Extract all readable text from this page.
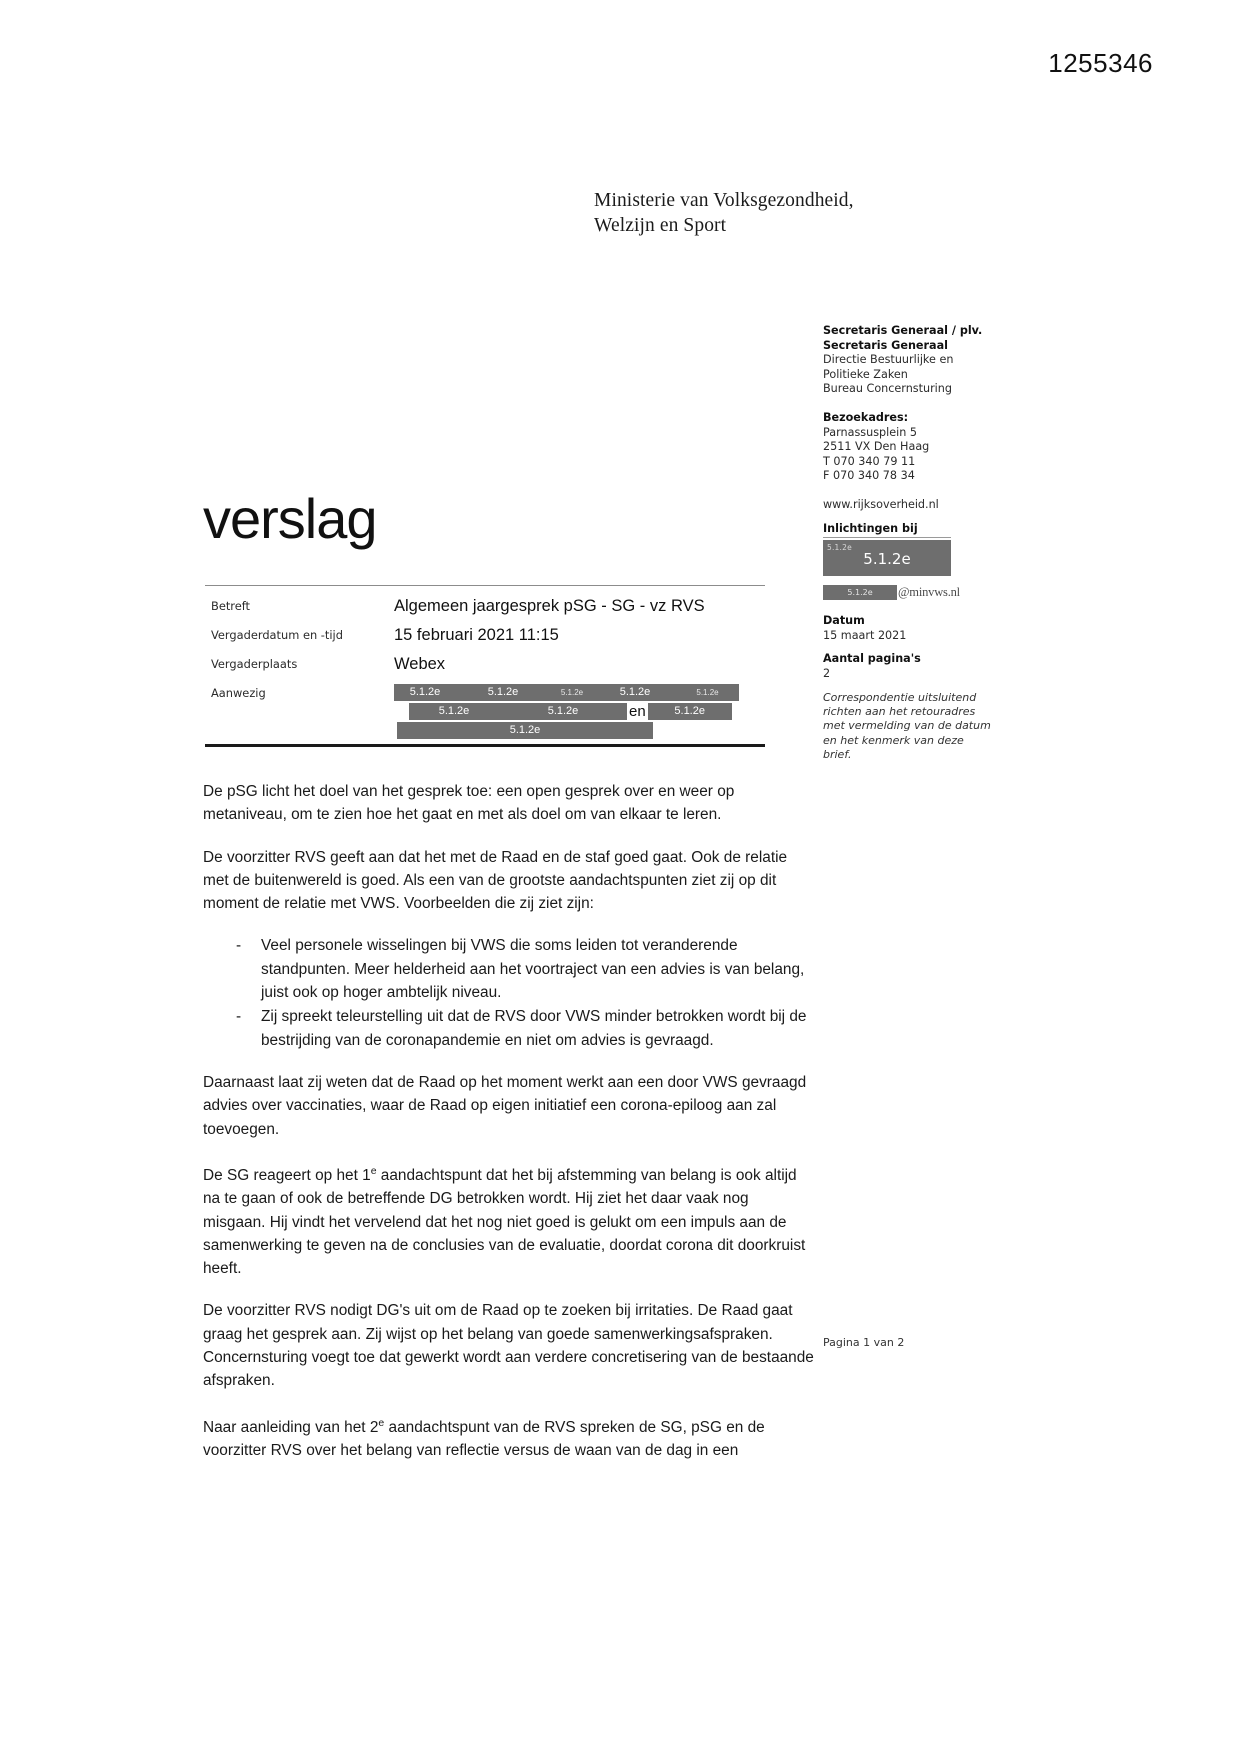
1255346
Ministerie van Volksgezondheid,
Welzijn en Sport
Secretaris Generaal / plv.
Secretaris Generaal
Directie Bestuurlijke en
Politieke Zaken
Bureau Concernsturing
Bezoekadres:
Parnassusplein 5
2511 VX Den Haag
T 070 340 79 11
F 070 340 78 34
www.rijksoverheid.nl
Inlichtingen bij
5.1.2e
5.1.2e
5.1.2e	@minvws.nl
Datum
15 maart 2021
Aantal pagina's
2
Correspondentie uitsluitend
richten aan het retouradres
met vermelding van de datum
en het kenmerk van deze
brief.
verslag
Betreft	Algemeen jaargesprek pSG - SG - vz RVS
Vergaderdatum en -tijd	15 februari 2021 11:15
Vergaderplaats	Webex
Aanwezig	5.1.2e	5.1.2e	5.1.2e	5.1.2e	5.1.2e
5.1.2e	5.1.2e	en	5.1.2e
5.1.2e

De pSG licht het doel van het gesprek toe: een open gesprek over en weer op metaniveau, om te zien hoe het gaat en met als doel om van elkaar te leren.

De voorzitter RVS geeft aan dat het met de Raad en de staf goed gaat. Ook de relatie met de buitenwereld is goed. Als een van de grootste aandachtspunten ziet zij op dit moment de relatie met VWS. Voorbeelden die zij ziet zijn:

- Veel personele wisselingen bij VWS die soms leiden tot veranderende standpunten. Meer helderheid aan het voortraject van een advies is van belang, juist ook op hoger ambtelijk niveau.
- Zij spreekt teleurstelling uit dat de RVS door VWS minder betrokken wordt bij de bestrijding van de coronapandemie en niet om advies is gevraagd.

Daarnaast laat zij weten dat de Raad op het moment werkt aan een door VWS gevraagd advies over vaccinaties, waar de Raad op eigen initiatief een corona-epiloog aan zal toevoegen.

De SG reageert op het 1e aandachtspunt dat het bij afstemming van belang is ook altijd na te gaan of ook de betreffende DG betrokken wordt. Hij ziet het daar vaak nog misgaan. Hij vindt het vervelend dat het nog niet goed is gelukt om een impuls aan de samenwerking te geven na de conclusies van de evaluatie, doordat corona dit doorkruist heeft.

De voorzitter RVS nodigt DG's uit om de Raad op te zoeken bij irritaties. De Raad gaat graag het gesprek aan. Zij wijst op het belang van goede samenwerkingsafspraken. Concernsturing voegt toe dat gewerkt wordt aan verdere concretisering van de bestaande afspraken.

Naar aanleiding van het 2e aandachtspunt van de RVS spreken de SG, pSG en de voorzitter RVS over het belang van reflectie versus de waan van de dag in een

Pagina 1 van 2
